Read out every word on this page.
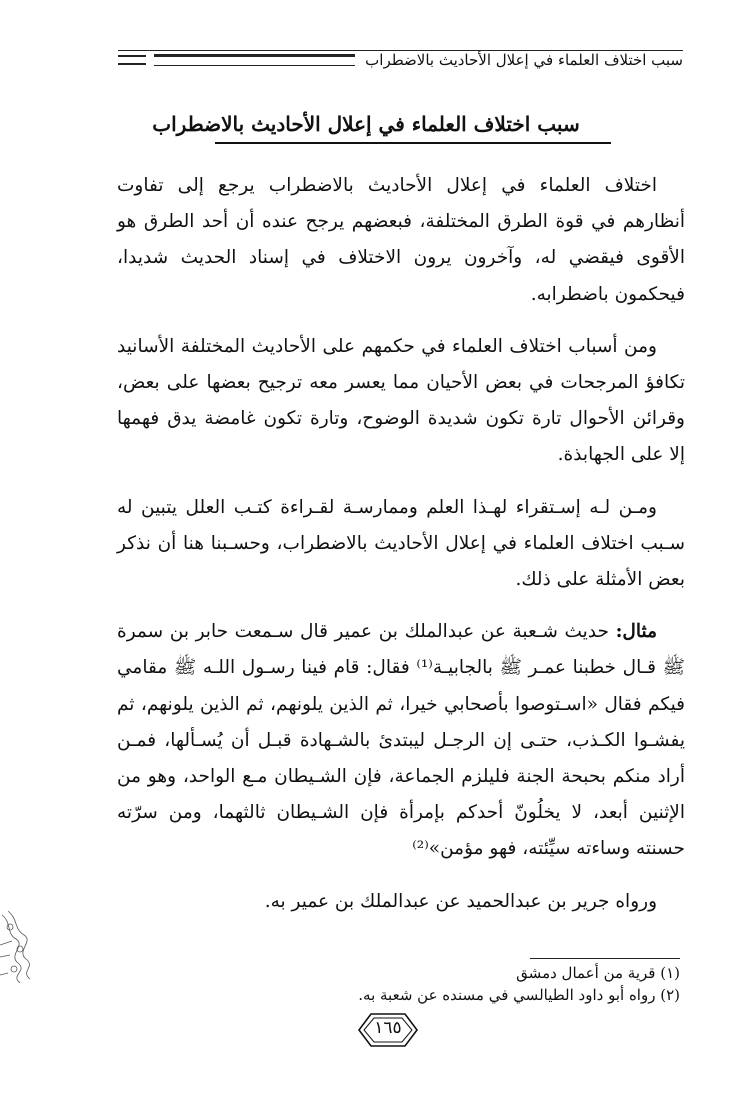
سبب اختلاف العلماء في إعلال الأحاديث بالاضطراب
سبب اختلاف العلماء في إعلال الأحاديث بالاضطراب

اختلاف العلماء في إعلال الأحاديث بالاضطراب يرجع إلى تفاوت أنظارهم في قوة الطرق المختلفة، فبعضهم يرجح عنده أن أحد الطرق هو الأقوى فيقضي له، وآخرون يرون الاختلاف في إسناد الحديث شديدا، فيحكمون باضطرابه.

ومن أسباب اختلاف العلماء في حكمهم على الأحاديث المختلفة الأسانيد تكافؤ المرجحات في بعض الأحيان مما يعسر معه ترجيح بعضها على بعض، وقرائن الأحوال تارة تكون شديدة الوضوح، وتارة تكون غامضة يدق فهمها إلا على الجهابذة.

ومـن لـه إسـتقراء لهـذا العلم وممارسـة لقـراءة كتـب العلل يتبين له سـبب اختلاف العلماء في إعلال الأحاديث بالاضطراب، وحسـبنا هنا أن نذكر بعض الأمثلة على ذلك.

مثال: حديث شـعبة عن عبدالملك بن عمير قال سـمعت حابر بن سمرة ﷺ قـال خطبنا عمـر ﷺ بالجابيـة⁽¹⁾ فقال: قام فينا رسـول اللـه ﷺ مقامي فيكم فقال «اسـتوصوا بأصحابي خيرا، ثم الذين يلونهم، ثم الذين يلونهم، ثم يفشـوا الكـذب، حتـى إن الرجـل ليبتدئ بالشـهادة قبـل أن يُسـألها، فمـن أراد منكم بحبحة الجنة فليلزم الجماعة، فإن الشـيطان مـع الواحد، وهو من الإثنين أبعد، لا يخلُونّ أحدكم بإمرأة فإن الشـيطان ثالثهما، ومن سرّته حسنته وساءته سيِّئته، فهو مؤمن»⁽²⁾

ورواه جرير بن عبدالحميد عن عبدالملك بن عمير به.

(١) قرية من أعمال دمشق
(٢) رواه أبو داود الطيالسي في مسنده عن شعبة به.
١٦٥
